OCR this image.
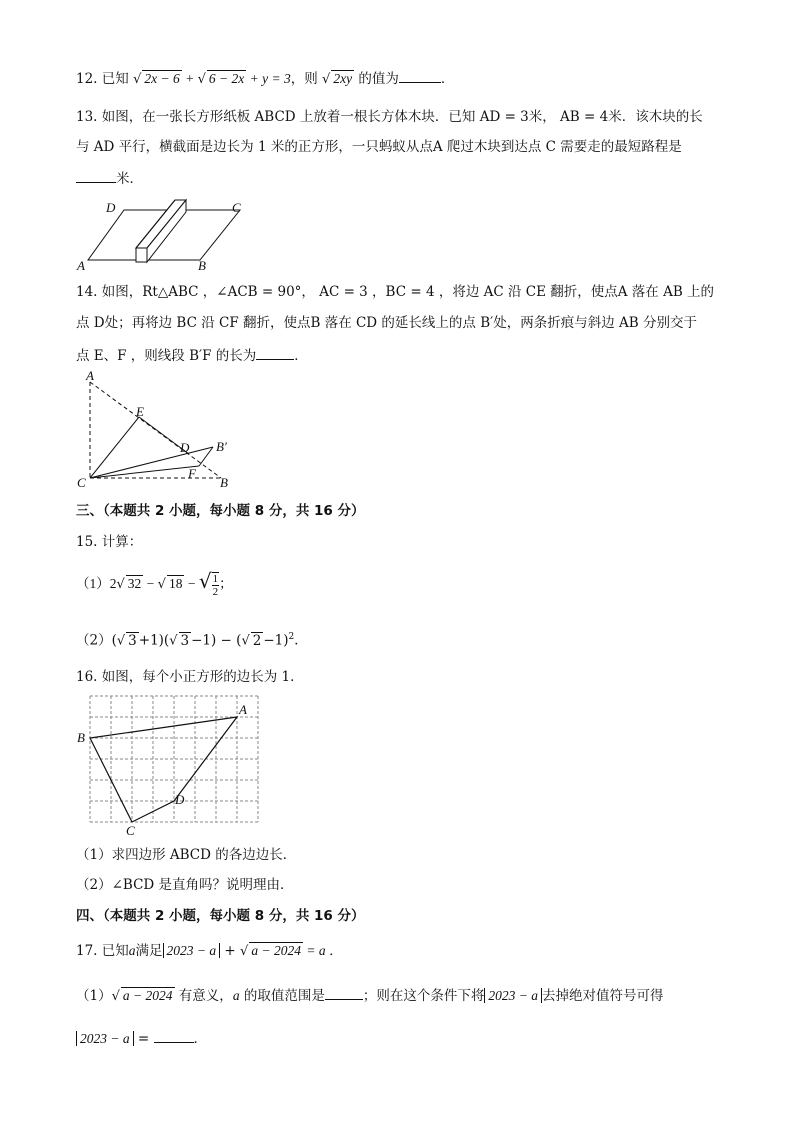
12. 已知 √ 2x − 6 + √ 6 − 2x + y = 3，则 √ 2xy 的值为	．
13. 如图，在一张长方形纸板 ABCD 上放着一根长方体木块．已知 AD = 3米， AB = 4米．该木块的长
与 AD 平行，横截面是边长为 1 米的正方形，一只蚂蚁从点A 爬过木块到达点 C 需要走的最短路程是
米．
D	C
A	B
14. 如图，Rt△ABC ，∠ACB = 90°， AC = 3 ，BC = 4 ，将边 AC 沿 CE 翻折，使点A 落在 AB 上的
点 D处；再将边 BC 沿 CF 翻折，使点B 落在 CD 的延长线上的点 B′处，两条折痕与斜边 AB 分别交于
点 E、F ，则线段 B′F 的长为	．
A
E
D B′
C
F
B
三、（本题共 2 小题，每小题 8 分，共 16 分）
15. 计算：
（1）2√ 32 − √ 18 − √ $\frac{1}{2}$ ；
（2）(√ 3 +1)(√ 3 −1) − (√ 2 −1)$^2$．
16. 如图，每个小正方形的边长为 1．
A
B
C
D
（1）求四边形 ABCD 的各边边长．
（2）∠BCD 是直角吗？说明理由．
四、（本题共 2 小题，每小题 8 分，共 16 分）
17. 已知a满足 2023 − a + √ a − 2024 = a ．
（1）√ a − 2024 有意义，a 的取值范围是	；则在这个条件下将 2023 − a 去掉绝对值符号可得
2023 − a =	．
